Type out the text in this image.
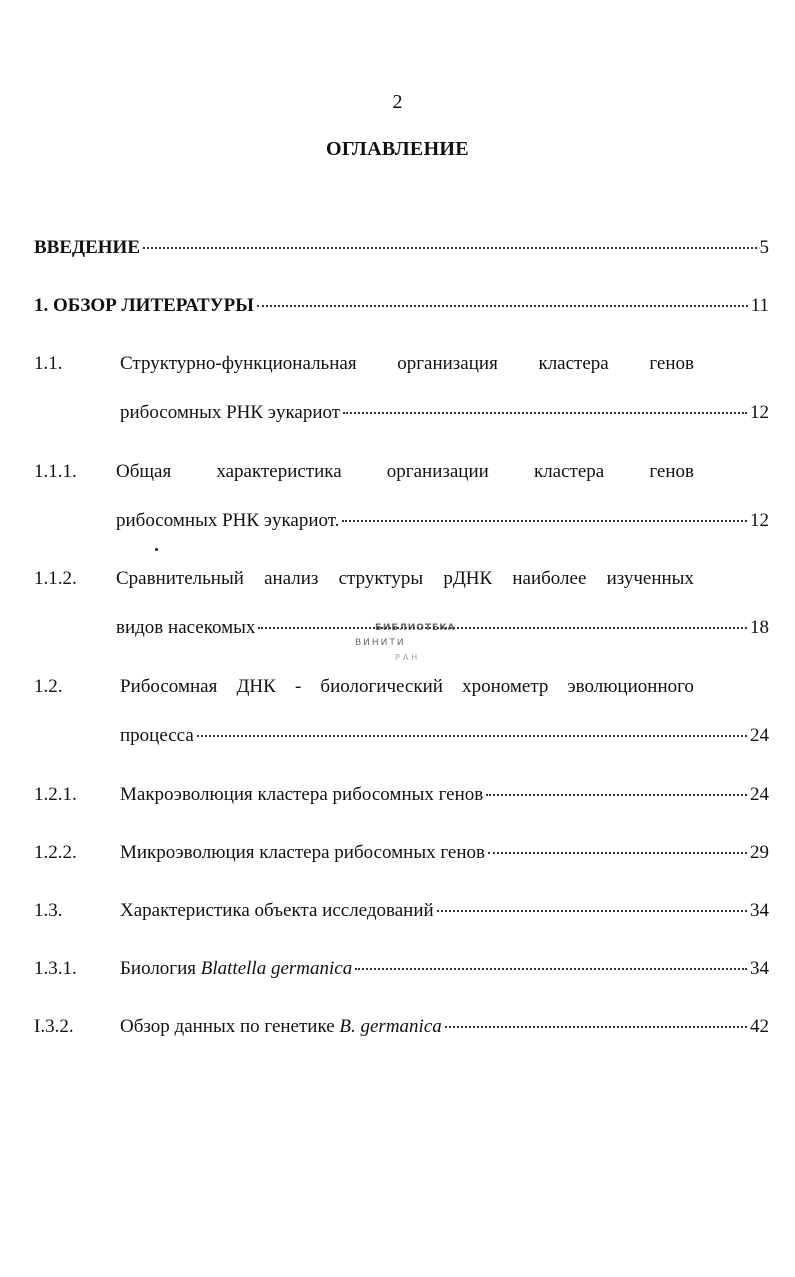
2
ОГЛАВЛЕНИЕ
ВВЕДЕНИЕ	5
1. ОБЗОР ЛИТЕРАТУРЫ	11
1.1.	Структурно-функциональная организация кластера генов
рибосомных РНК эукариот	12
1.1.1. Общая характеристика организации кластера генов
рибосомных РНК эукариот.	12
1.1.2. Сравнительный анализ структуры рДНК наиболее изученных
видов насекомых	18
1.2.	Рибосомная ДНК - биологический хронометр эволюционного
процесса	24
1.2.1. Макроэволюция кластера рибосомных генов	24
1.2.2. Микроэволюция кластера рибосомных генов	29
1.3.	Характеристика объекта исследований	34
1.3.1. Биология Blattella germanica	34
I.3.2. Обзор данных по генетике B. germanica	42
БИБЛИОТЕКА
ВИНИТИ
РАН
